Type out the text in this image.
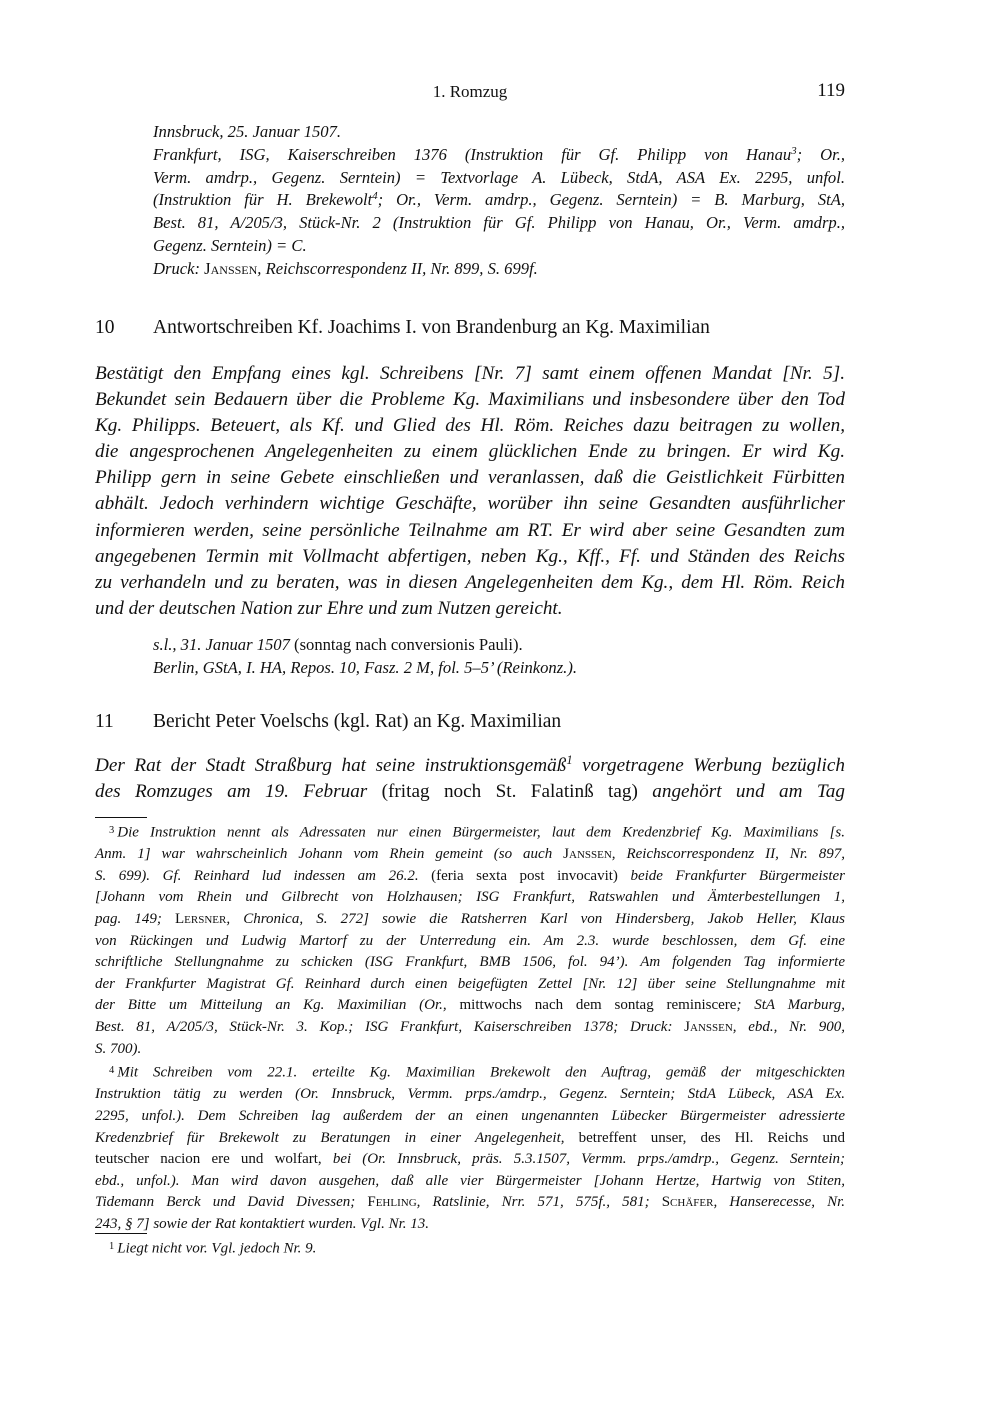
1. Romzug	119
Innsbruck, 25. Januar 1507.
Frankfurt, ISG, Kaiserschreiben 1376 (Instruktion für Gf. Philipp von Hanau$^3$; Or.,
Verm. amdrp., Gegenz. Serntein) = Textvorlage A. Lübeck, StdA, ASA Ex. 2295, unfol.
(Instruktion für H. Brekewolt$^4$; Or., Verm. amdrp., Gegenz. Serntein) = B. Marburg, StA,
Best. 81, A/205/3, Stück-Nr. 2 (Instruktion für Gf. Philipp von Hanau, Or., Verm. amdrp.,
Gegenz. Serntein) = C.
Druck: Janssen, Reichscorrespondenz II, Nr. 899, S. 699f.
10 Antwortschreiben Kf. Joachims I. von Brandenburg an Kg. Maximilian
Bestätigt den Empfang eines kgl. Schreibens [Nr. 7] samt einem offenen Mandat [Nr. 5].
Bekundet sein Bedauern über die Probleme Kg. Maximilians und insbesondere über den Tod
Kg. Philipps. Beteuert, als Kf. und Glied des Hl. Röm. Reiches dazu beitragen zu wollen,
die angesprochenen Angelegenheiten zu einem glücklichen Ende zu bringen. Er wird Kg.
Philipp gern in seine Gebete einschließen und veranlassen, daß die Geistlichkeit Fürbitten
abhält. Jedoch verhindern wichtige Geschäfte, worüber ihn seine Gesandten ausführlicher
informieren werden, seine persönliche Teilnahme am RT. Er wird aber seine Gesandten zum
angegebenen Termin mit Vollmacht abfertigen, neben Kg., Kff., Ff. und Ständen des Reichs
zu verhandeln und zu beraten, was in diesen Angelegenheiten dem Kg., dem Hl. Röm. Reich
und der deutschen Nation zur Ehre und zum Nutzen gereicht.
s.l., 31. Januar 1507 (sonntag nach conversionis Pauli).
Berlin, GStA, I. HA, Repos. 10, Fasz. 2 M, fol. 5–5’ (Reinkonz.).
11 Bericht Peter Voelschs (kgl. Rat) an Kg. Maximilian
Der Rat der Stadt Straßburg hat seine instruktionsgemäß$^1$ vorgetragene Werbung bezüglich
des Romzuges am 19. Februar (fritag noch St. Falatinß tag) angehört und am Tag
$^3$ Die Instruktion nennt als Adressaten nur einen Bürgermeister, laut dem Kredenzbrief Kg. Maximilians [s.
Anm. 1] war wahrscheinlich Johann vom Rhein gemeint (so auch Janssen, Reichscorrespondenz II, Nr. 897,
S. 699). Gf. Reinhard lud indessen am 26.2. (feria sexta post invocavit) beide Frankfurter Bürgermeister
[Johann vom Rhein und Gilbrecht von Holzhausen; ISG Frankfurt, Ratswahlen und Ämterbestellungen 1,
pag. 149; Lersner, Chronica, S. 272] sowie die Ratsherren Karl von Hindersberg, Jakob Heller, Klaus
von Rückingen und Ludwig Martorf zu der Unterredung ein. Am 2.3. wurde beschlossen, dem Gf. eine
schriftliche Stellungnahme zu schicken (ISG Frankfurt, BMB 1506, fol. 94’). Am folgenden Tag informierte
der Frankfurter Magistrat Gf. Reinhard durch einen beigefügten Zettel [Nr. 12] über seine Stellungnahme mit
der Bitte um Mitteilung an Kg. Maximilian (Or., mittwochs nach dem sontag reminiscere; StA Marburg,
Best. 81, A/205/3, Stück-Nr. 3. Kop.; ISG Frankfurt, Kaiserschreiben 1378; Druck: Janssen, ebd., Nr. 900,
S. 700).
$^4$ Mit Schreiben vom 22.1. erteilte Kg. Maximilian Brekewolt den Auftrag, gemäß der mitgeschickten
Instruktion tätig zu werden (Or. Innsbruck, Vermm. prps./amdrp., Gegenz. Serntein; StdA Lübeck, ASA Ex.
2295, unfol.). Dem Schreiben lag außerdem der an einen ungenannten Lübecker Bürgermeister adressierte
Kredenzbrief für Brekewolt zu Beratungen in einer Angelegenheit, betreffent unser, des Hl. Reichs und
teutscher nacion ere und wolfart, bei (Or. Innsbruck, präs. 5.3.1507, Vermm. prps./amdrp., Gegenz. Serntein;
ebd., unfol.). Man wird davon ausgehen, daß alle vier Bürgermeister [Johann Hertze, Hartwig von Stiten,
Tidemann Berck und David Divessen; Fehling, Ratslinie, Nrr. 571, 575f., 581; Schäfer, Hanserecesse, Nr.
243, § 7] sowie der Rat kontaktiert wurden. Vgl. Nr. 13.
$^1$ Liegt nicht vor. Vgl. jedoch Nr. 9.
